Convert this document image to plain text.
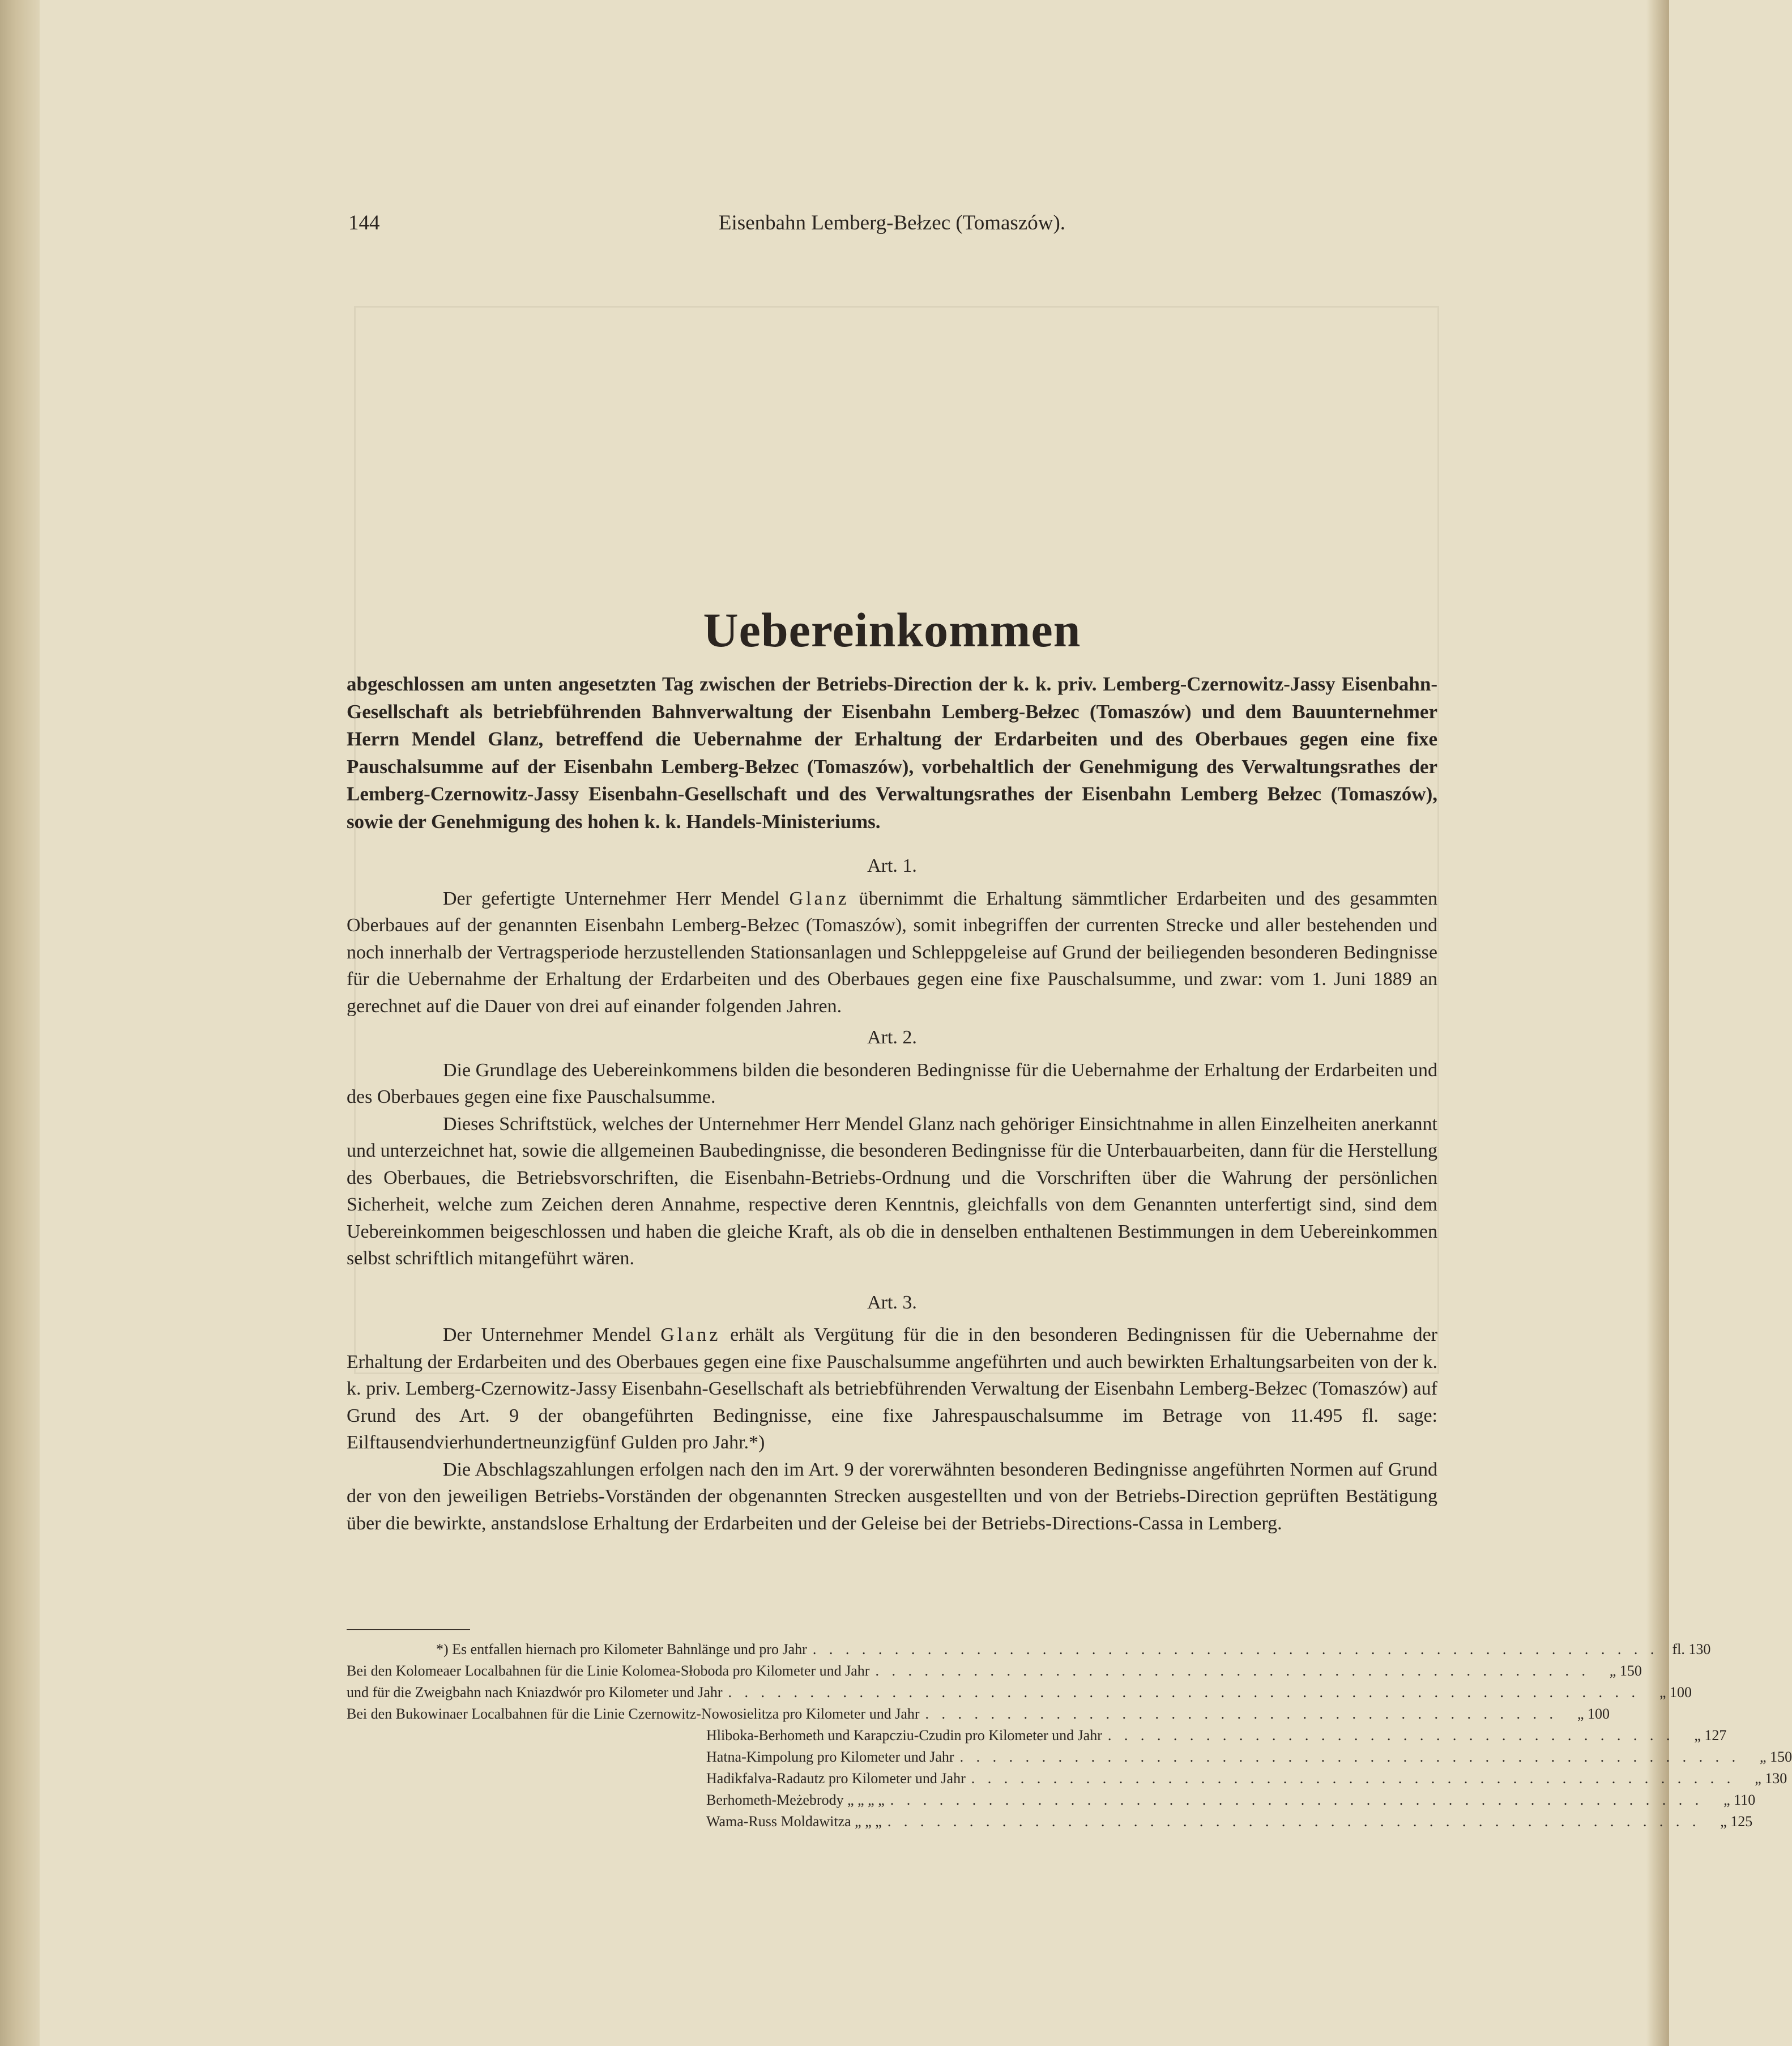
144	Eisenbahn Lemberg-Bełzec (Tomaszów).
Uebereinkommen

abgeschlossen am unten angesetzten Tag zwischen der Betriebs-Direction der k. k. priv. Lemberg-Czernowitz-Jassy Eisenbahn-Gesellschaft als betriebführenden Bahnverwaltung der Eisenbahn Lemberg-Bełzec (Tomaszów) und dem Bauunternehmer Herrn Mendel Glanz, betreffend die Uebernahme der Erhaltung der Erdarbeiten und des Oberbaues gegen eine fixe Pauschalsumme auf der Eisenbahn Lemberg-Bełzec (Tomaszów), vorbehaltlich der Genehmigung des Verwaltungsrathes der Lemberg-Czernowitz-Jassy Eisenbahn-Gesellschaft und des Verwaltungsrathes der Eisenbahn Lemberg Bełzec (Tomaszów), sowie der Genehmigung des hohen k. k. Handels-Ministeriums.

Art. 1.

Der gefertigte Unternehmer Herr Mendel Glanz übernimmt die Erhaltung sämmtlicher Erdarbeiten und des gesammten Oberbaues auf der genannten Eisenbahn Lemberg-Bełzec (Tomaszów), somit inbegriffen der currenten Strecke und aller bestehenden und noch innerhalb der Vertragsperiode herzustellenden Stationsanlagen und Schleppgeleise auf Grund der beiliegenden besonderen Bedingnisse für die Uebernahme der Erhaltung der Erdarbeiten und des Oberbaues gegen eine fixe Pauschalsumme, und zwar: vom 1. Juni 1889 an gerechnet auf die Dauer von drei auf einander folgenden Jahren.

Art. 2.

Die Grundlage des Uebereinkommens bilden die besonderen Bedingnisse für die Uebernahme der Erhaltung der Erdarbeiten und des Oberbaues gegen eine fixe Pauschalsumme.

Dieses Schriftstück, welches der Unternehmer Herr Mendel Glanz nach gehöriger Einsichtnahme in allen Einzelheiten anerkannt und unterzeichnet hat, sowie die allgemeinen Baubedingnisse, die besonderen Bedingnisse für die Unterbauarbeiten, dann für die Herstellung des Oberbaues, die Betriebsvorschriften, die Eisenbahn-Betriebs-Ordnung und die Vorschriften über die Wahrung der persönlichen Sicherheit, welche zum Zeichen deren Annahme, respective deren Kenntnis, gleichfalls von dem Genannten unterfertigt sind, sind dem Uebereinkommen beigeschlossen und haben die gleiche Kraft, als ob die in denselben enthaltenen Bestimmungen in dem Uebereinkommen selbst schriftlich mitangeführt wären.

Art. 3.

Der Unternehmer Mendel Glanz erhält als Vergütung für die in den besonderen Bedingnissen für die Uebernahme der Erhaltung der Erdarbeiten und des Oberbaues gegen eine fixe Pauschalsumme angeführten und auch bewirkten Erhaltungsarbeiten von der k. k. priv. Lemberg-Czernowitz-Jassy Eisenbahn-Gesellschaft als betriebführenden Verwaltung der Eisenbahn Lemberg-Bełzec (Tomaszów) auf Grund des Art. 9 der obangeführten Bedingnisse, eine fixe Jahrespauschalsumme im Betrage von 11.495 fl. sage: Eilftausendvierhundertneunzigfünf Gulden pro Jahr.*)

Die Abschlagszahlungen erfolgen nach den im Art. 9 der vorerwähnten besonderen Bedingnisse angeführten Normen auf Grund der von den jeweiligen Betriebs-Vorständen der obgenannten Strecken ausgestellten und von der Betriebs-Direction geprüften Bestätigung über die bewirkte, anstandslose Erhaltung der Erdarbeiten und der Geleise bei der Betriebs-Directions-Cassa in Lemberg.

*) Es entfallen hiernach pro Kilometer Bahnlänge und pro Jahr . . . . . . . . . . . . . . . . . . . . . . . . . . . . . . . . . . . . . . . . . . . . . . . . . . . . fl. 130
Bei den Kolomeaer Localbahnen für die Linie Kolomea-Słoboda pro Kilometer und Jahr . . . . . . . . . . . . . . . . . . . . . . . . . . . . . . . . . . . . . . . . . . . .	„ 150
und für die Zweigbahn nach Kniazdwór pro Kilometer und Jahr . . . . . . . . . . . . . . . . . . . . . . . . . . . . . . . . . . . . . . . . . . . . . . . . . . . . . . . .	„ 100
Bei den Bukowinaer Localbahnen für die Linie Czernowitz-Nowosielitza pro Kilometer und Jahr . . . . . . . . . . . . . . . . . . . . . . . . . . . . . . . . . . . . . . .	„ 100
Hliboka-Berhometh und Karapcziu-Czudin pro Kilometer und Jahr . . . . . . . . . . . . . . . . . . . . . . . . . . . . . . . . . . .	„ 127
Hatna-Kimpolung pro Kilometer und Jahr . . . . . . . . . . . . . . . . . . . . . . . . . . . . . . . . . . . . . . . . . . . . . . . .	„ 150
Hadikfalva-Radautz pro Kilometer und Jahr . . . . . . . . . . . . . . . . . . . . . . . . . . . . . . . . . . . . . . . . . . . . . . .	„ 130
Berhometh-Meżebrody „ „ „ „ . . . . . . . . . . . . . . . . . . . . . . . . . . . . . . . . . . . . . . . . . . . . . . . . . .	„ 110
Wama-Russ Moldawitza „ „ „ . . . . . . . . . . . . . . . . . . . . . . . . . . . . . . . . . . . . . . . . . . . . . . . . . .	„ 125
